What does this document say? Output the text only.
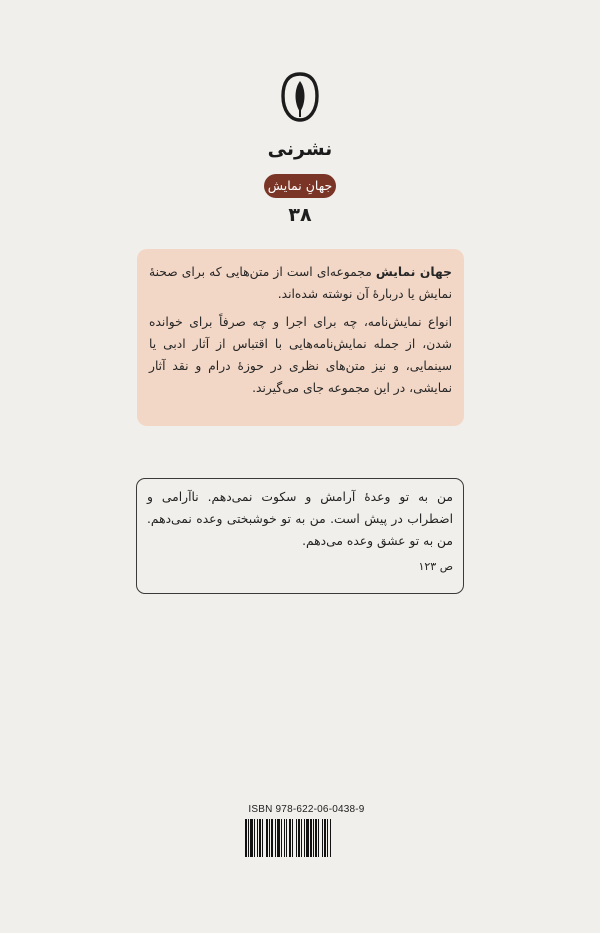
نشرنی
جهانِ نمایش
۳۸

جهان نمایش مجموعه‌ای است از متن‌هایی که برای صحنهٔ نمایش یا دربارهٔ آن نوشته شده‌اند.

انواع نمایش‌نامه، چه برای اجرا و چه صرفاً برای خوانده شدن، از جمله نمایش‌نامه‌هایی با اقتباس از آثار ادبی یا سینمایی، و نیز متن‌های نظری در حوزهٔ درام و نقد آثار نمایشی، در این مجموعه جای می‌گیرند.

من به تو وعدهٔ آرامش و سکوت نمی‌دهم. ناآرامی و اضطراب در پیش است. من به تو خوشبختی وعده نمی‌دهم. من به تو عشق وعده می‌دهم.

ص ۱۲۳
ISBN 978-622-06-0438-9
